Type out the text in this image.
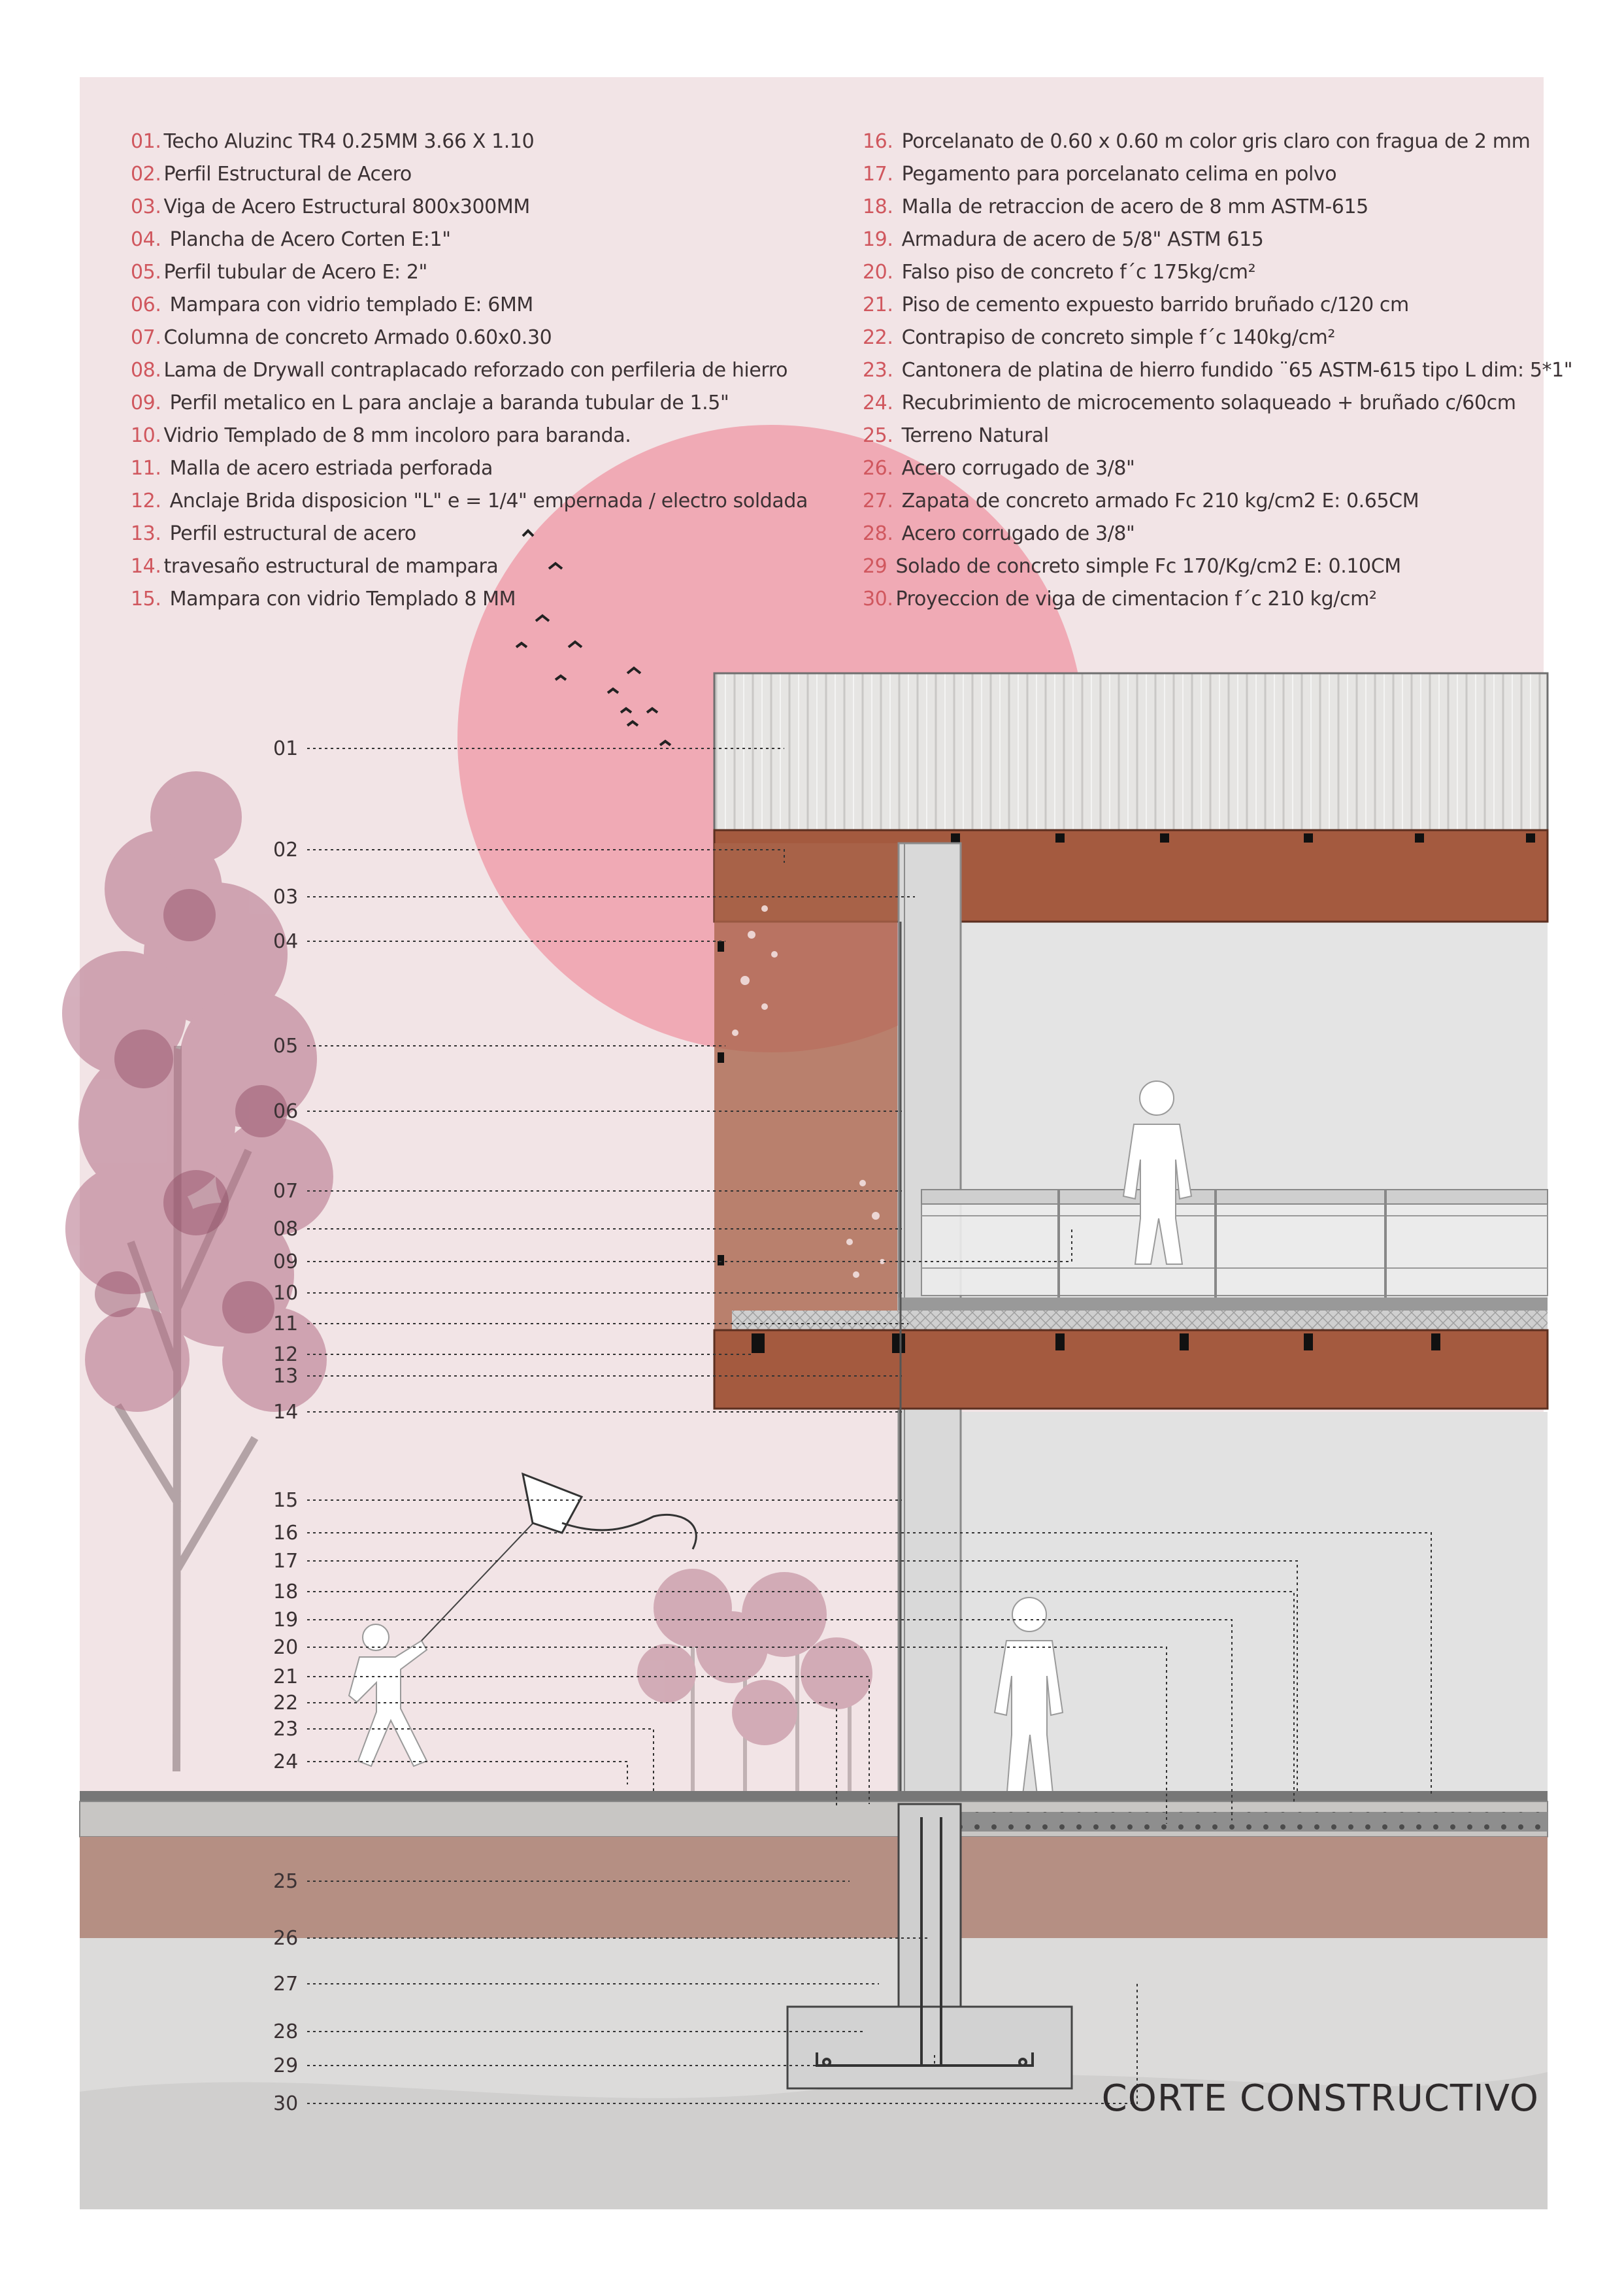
01
02
03
04
05
06
07
08
09
10
11
12
13
14
15
16
17
18
19
20
21
22
23
24
25
26
27
28
29
30
01. Techo Aluzinc TR4 0.25MM 3.66 X 1.10
02. Perfil Estructural de Acero
03. Viga de Acero Estructural 800x300MM
04. Plancha de Acero Corten E:1"
05. Perfil tubular de Acero E: 2"
06. Mampara con vidrio templado E: 6MM
07. Columna de concreto Armado 0.60x0.30
08. Lama de Drywall contraplacado reforzado con perfileria de hierro
09. Perfil metalico en L para anclaje a baranda tubular de 1.5"
10. Vidrio Templado de 8 mm incoloro para baranda.
11. Malla de acero estriada perforada
12. Anclaje Brida disposicion "L" e = 1/4" empernada / electro soldada
13. Perfil estructural de acero
14. travesaño estructural de mampara
15. Mampara con vidrio Templado 8 MM
16. Porcelanato de 0.60 x 0.60 m color gris claro con fragua de 2 mm
17. Pegamento para porcelanato celima en polvo
18. Malla de retraccion de acero de 8 mm ASTM-615
19. Armadura de acero de 5/8" ASTM 615
20. Falso piso de concreto f´c 175kg/cm²
21. Piso de cemento expuesto barrido bruñado c/120 cm
22. Contrapiso de concreto simple f´c 140kg/cm²
23. Cantonera de platina de hierro fundido ¨65 ASTM-615 tipo L dim: 5*1"
24. Recubrimiento de microcemento solaqueado + bruñado c/60cm
25. Terreno Natural
26. Acero corrugado de 3/8"
27. Zapata de concreto armado Fc 210 kg/cm2 E: 0.65CM
28. Acero corrugado de 3/8"
29 Solado de concreto simple Fc 170/Kg/cm2 E: 0.10CM
30. Proyeccion de viga de cimentacion f´c 210 kg/cm²
CORTE CONSTRUCTIVO
